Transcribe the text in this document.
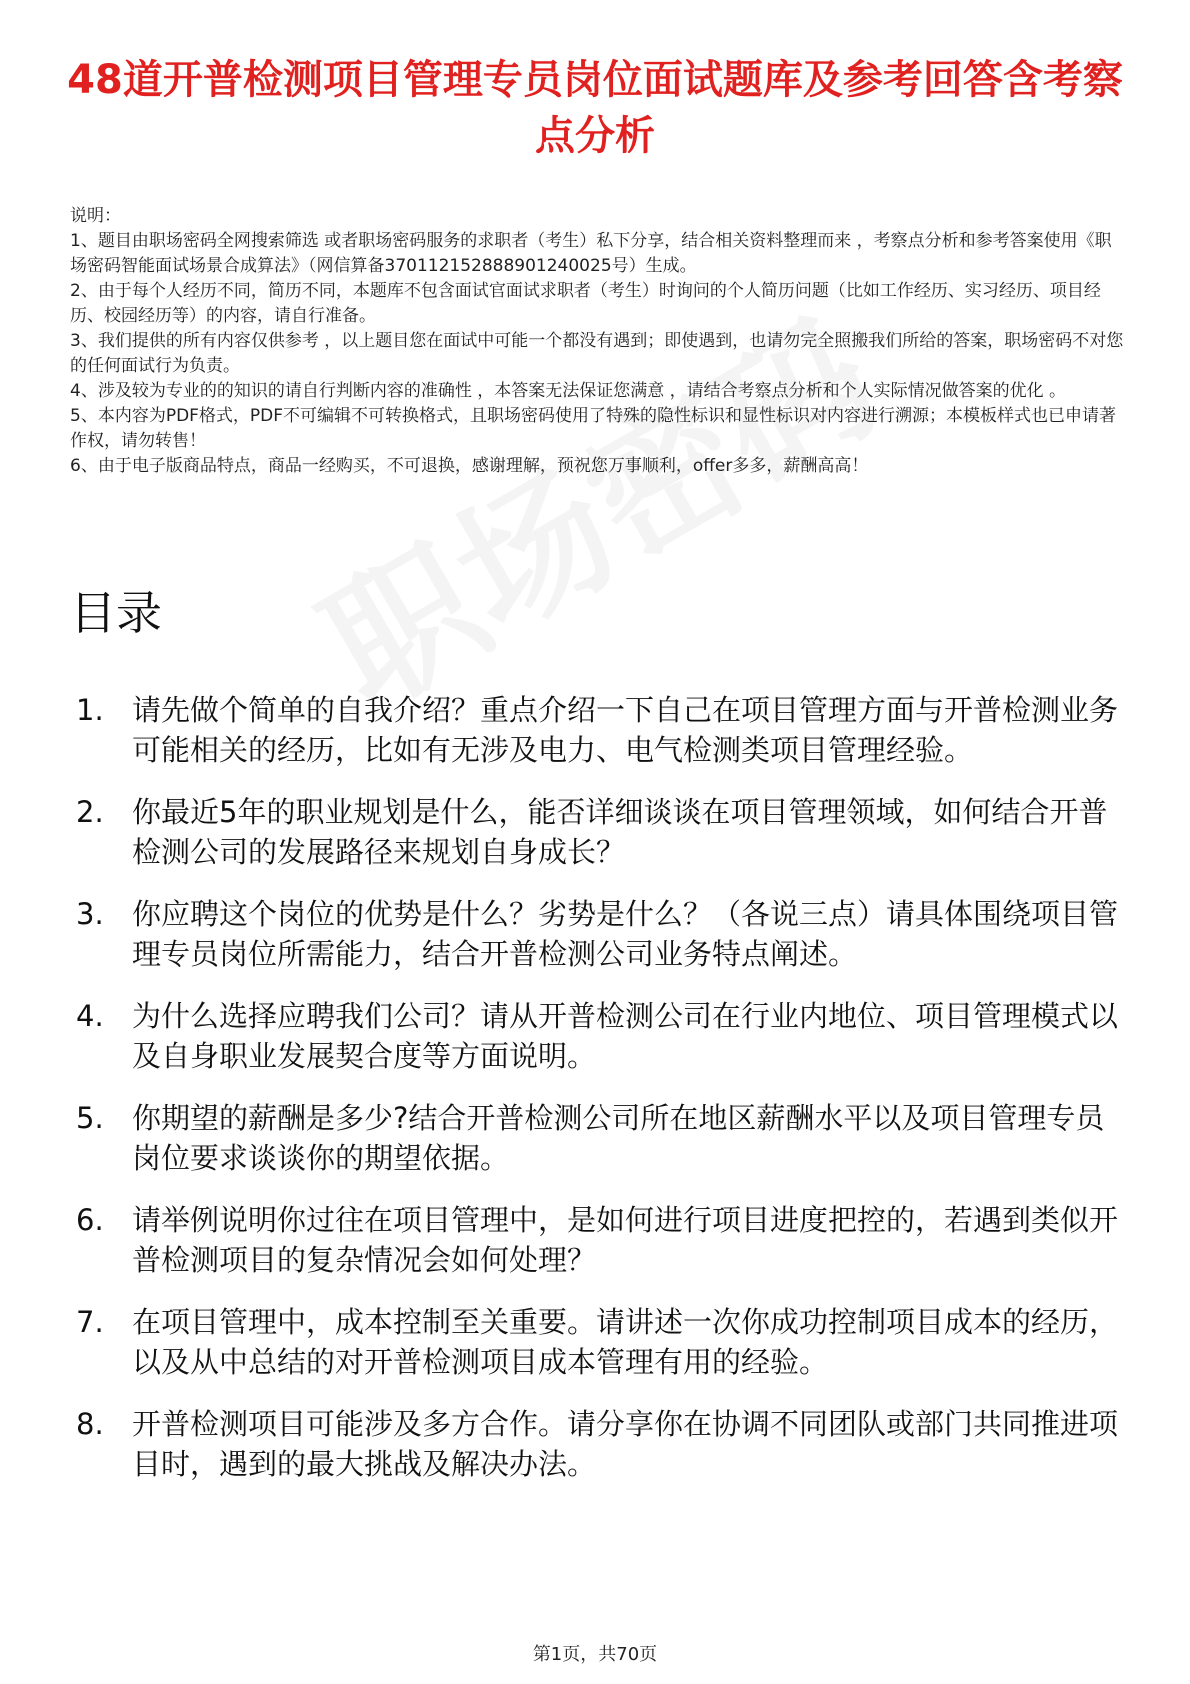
48道开普检测项目管理专员岗位面试题库及参考回答含考察点分析

说明：

1、题目由职场密码全网搜索筛选 或者职场密码服务的求职者（考生）私下分享，结合相关资料整理而来 ，考察点分析和参考答案使用《职场密码智能面试场景合成算法》（网信算备370112152888901240025号）生成。

2、由于每个人经历不同，简历不同，本题库不包含面试官面试求职者（考生）时询问的个人简历问题（比如工作经历、实习经历、项目经历、校园经历等）的内容，请自行准备。

3、我们提供的所有内容仅供参考 ，以上题目您在面试中可能一个都没有遇到；即使遇到，也请勿完全照搬我们所给的答案，职场密码不对您的任何面试行为负责。

4、涉及较为专业的的知识的请自行判断内容的准确性 ，本答案无法保证您满意 ，请结合考察点分析和个人实际情况做答案的优化 。

5、本内容为PDF格式，PDF不可编辑不可转换格式，且职场密码使用了特殊的隐性标识和显性标识对内容进行溯源；本模板样式也已申请著作权，请勿转售！

6、由于电子版商品特点，商品一经购买，不可退换，感谢理解，预祝您万事顺利，offer多多，薪酬高高！

目录
1. 请先做个简单的自我介绍？重点介绍一下自己在项目管理方面与开普检测业务可能相关的经历，比如有无涉及电力、电气检测类项目管理经验。
2. 你最近5年的职业规划是什么，能否详细谈谈在项目管理领域，如何结合开普检测公司的发展路径来规划自身成长？
3. 你应聘这个岗位的优势是什么？劣势是什么？（各说三点）请具体围绕项目管理专员岗位所需能力，结合开普检测公司业务特点阐述。
4. 为什么选择应聘我们公司？请从开普检测公司在行业内地位、项目管理模式以及自身职业发展契合度等方面说明。
5. 你期望的薪酬是多少?结合开普检测公司所在地区薪酬水平以及项目管理专员岗位要求谈谈你的期望依据。
6. 请举例说明你过往在项目管理中，是如何进行项目进度把控的，若遇到类似开普检测项目的复杂情况会如何处理？
7. 在项目管理中，成本控制至关重要。请讲述一次你成功控制项目成本的经历，以及从中总结的对开普检测项目成本管理有用的经验。
8. 开普检测项目可能涉及多方合作。请分享你在协调不同团队或部门共同推进项目时，遇到的最大挑战及解决办法。
第1页，共70页
